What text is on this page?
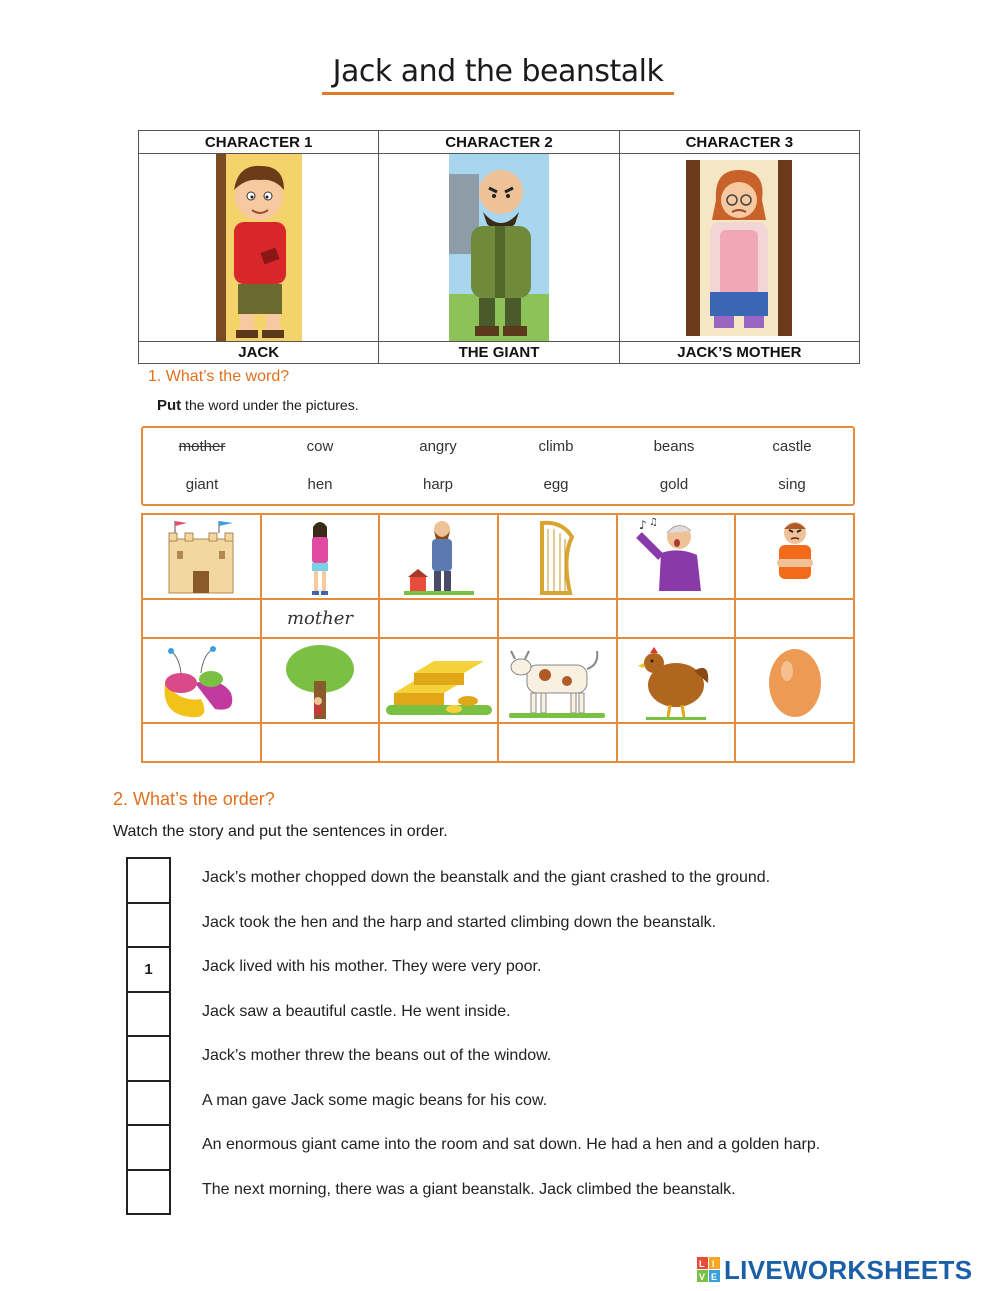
Jack and the beanstalk
CHARACTER 1	CHARACTER 2	CHARACTER 3

JACK	THE GIANT	JACK’S MOTHER
1. What’s the word?
Put the word under the pictures.
mother	cow	angry	climb	beans	castle
giant	hen	harp	egg	gold	sing

♪ ♫

	mother				

2. What’s the order?
Watch the story and put the sentences in order.
Jack’s mother chopped down the beanstalk and the giant crashed to the ground.
Jack took the hen and the harp and started climbing down the beanstalk.
1	Jack lived with his mother. They were very poor.
Jack saw a beautiful castle. He went inside.
Jack’s mother threw the beans out of the window.
A man gave Jack some magic beans for his cow.
An enormous giant came into the room and sat down. He had a hen and a golden harp.
The next morning, there was a giant beanstalk. Jack climbed the beanstalk.
L I
V E LIVEWORKSHEETS
